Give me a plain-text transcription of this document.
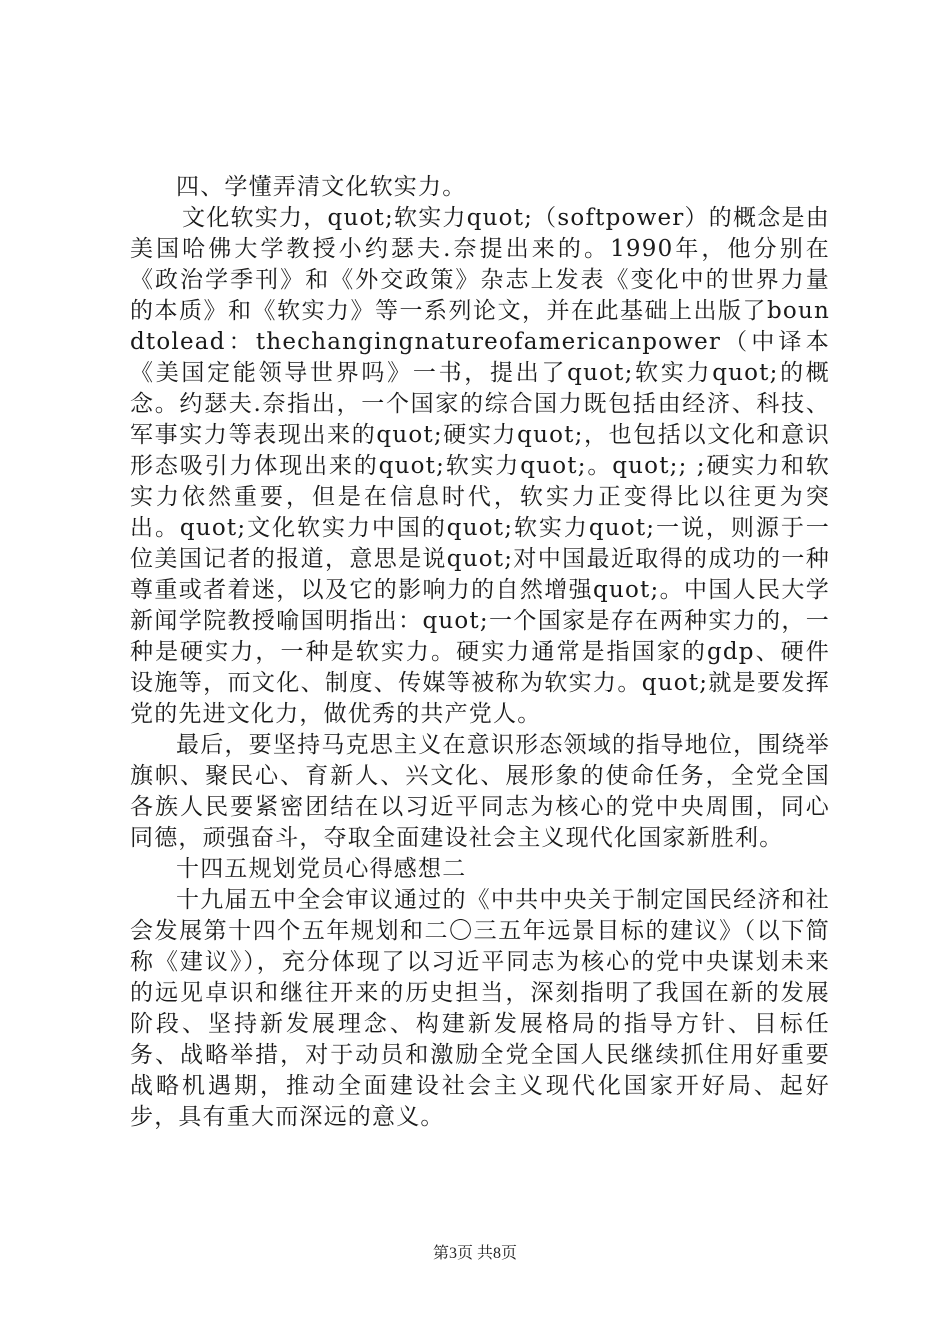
四、学懂弄清文化软实力。

文化软实力，quot;软实力quot;（softpower）的概念是由美国哈佛大学教授小约瑟夫.奈提出来的。1990年，他分别在《政治学季刊》和《外交政策》杂志上发表《变化中的世界力量的本质》和《软实力》等一系列论文，并在此基础上出版了boundtolead：thechangingnatureofamericanpower（中译本《美国定能领导世界吗》一书，提出了quot;软实力quot;的概念。约瑟夫.奈指出，一个国家的综合国力既包括由经济、科技、军事实力等表现出来的quot;硬实力quot;，也包括以文化和意识形态吸引力体现出来的quot;软实力quot;。quot;; ;硬实力和软实力依然重要，但是在信息时代，软实力正变得比以往更为突出。quot;文化软实力中国的quot;软实力quot;一说，则源于一位美国记者的报道，意思是说quot;对中国最近取得的成功的一种尊重或者着迷，以及它的影响力的自然增强quot;。中国人民大学新闻学院教授喻国明指出：quot;一个国家是存在两种实力的，一种是硬实力，一种是软实力。硬实力通常是指国家的gdp、硬件设施等，而文化、制度、传媒等被称为软实力。quot;就是要发挥党的先进文化力，做优秀的共产党人。

最后，要坚持马克思主义在意识形态领域的指导地位，围绕举旗帜、聚民心、育新人、兴文化、展形象的使命任务，全党全国各族人民要紧密团结在以习近平同志为核心的党中央周围，同心同德，顽强奋斗，夺取全面建设社会主义现代化国家新胜利。

十四五规划党员心得感想二

十九届五中全会审议通过的《中共中央关于制定国民经济和社会发展第十四个五年规划和二〇三五年远景目标的建议》（以下简称《建议》），充分体现了以习近平同志为核心的党中央谋划未来的远见卓识和继往开来的历史担当，深刻指明了我国在新的发展阶段、坚持新发展理念、构建新发展格局的指导方针、目标任务、战略举措，对于动员和激励全党全国人民继续抓住用好重要战略机遇期，推动全面建设社会主义现代化国家开好局、起好步，具有重大而深远的意义。

第3页 共8页
